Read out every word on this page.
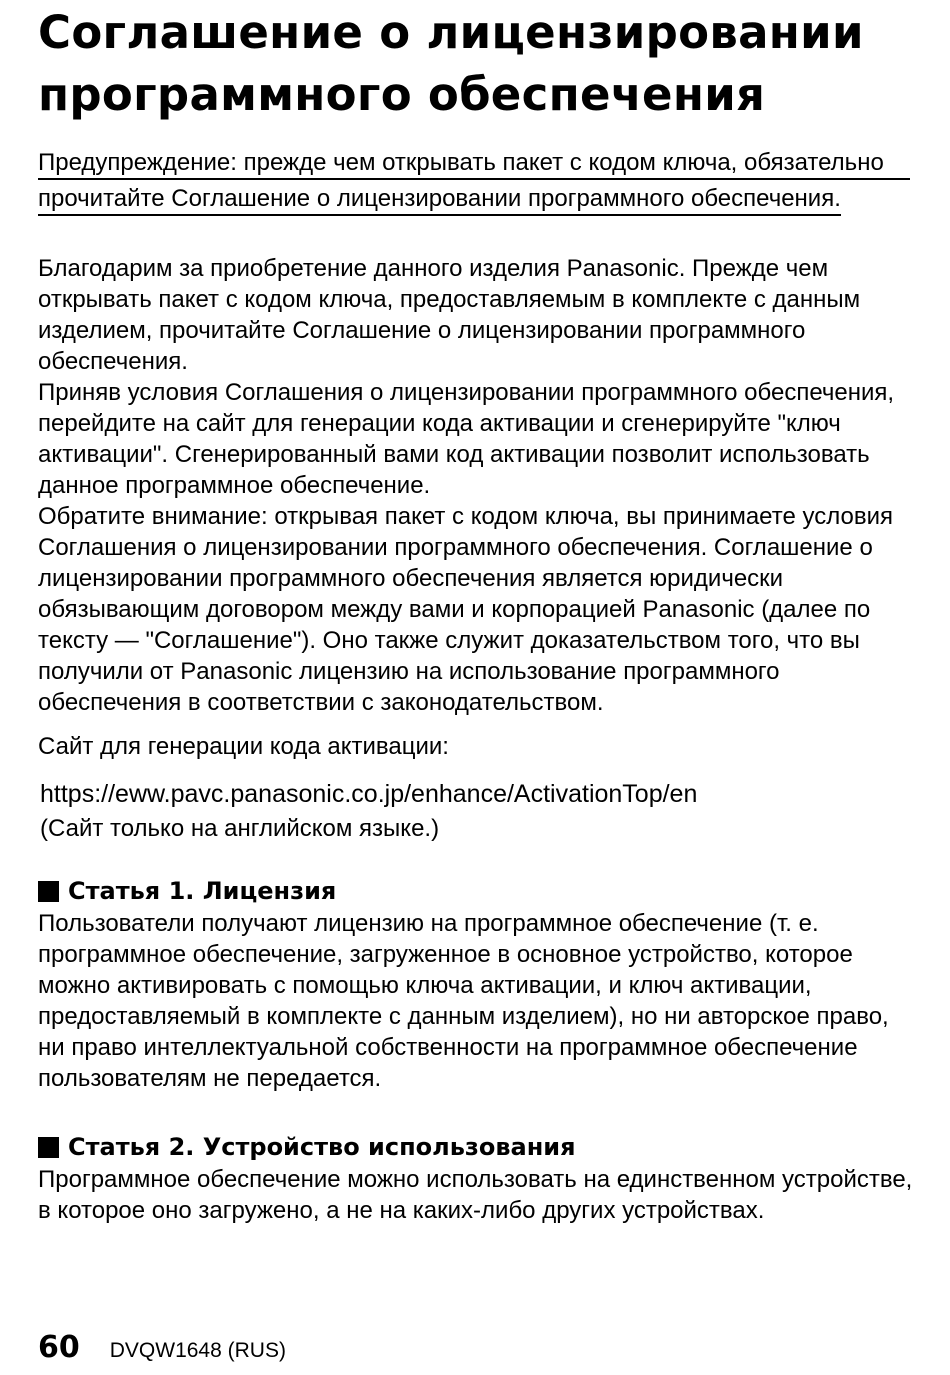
Соглашение о лицензировании
программного обеспечения
Предупреждение: прежде чем открывать пакет с кодом ключа, обязательно
прочитайте Соглашение о лицензировании программного обеспечения.

Благодарим за приобретение данного изделия Panasonic. Прежде чем открывать пакет с кодом ключа, предоставляемым в комплекте с данным изделием, прочитайте Соглашение о лицензировании программного обеспечения.

Приняв условия Соглашения о лицензировании программного обеспечения, перейдите на сайт для генерации кода активации и сгенерируйте "ключ активации". Сгенерированный вами код активации позволит использовать данное программное обеспечение.

Обратите внимание: открывая пакет с кодом ключа, вы принимаете условия Соглашения о лицензировании программного обеспечения. Соглашение о лицензировании программного обеспечения является юридически обязывающим договором между вами и корпорацией Panasonic (далее по тексту — "Соглашение"). Оно также служит доказательством того, что вы получили от Panasonic лицензию на использование программного обеспечения в соответствии с законодательством.

Сайт для генерации кода активации:

https://eww.pavc.panasonic.co.jp/enhance/ActivationTop/en

(Сайт только на английском языке.)

Статья 1. Лицензия

Пользователи получают лицензию на программное обеспечение (т. е. программное обеспечение, загруженное в основное устройство, которое можно активировать с помощью ключа активации, и ключ активации, предоставляемый в комплекте с данным изделием), но ни авторское право, ни право интеллектуальной собственности на программное обеспечение пользователям не передается.

Статья 2. Устройство использования

Программное обеспечение можно использовать на единственном устройстве, в которое оно загружено, а не на каких-либо других устройствах.

60 DVQW1648 (RUS)
